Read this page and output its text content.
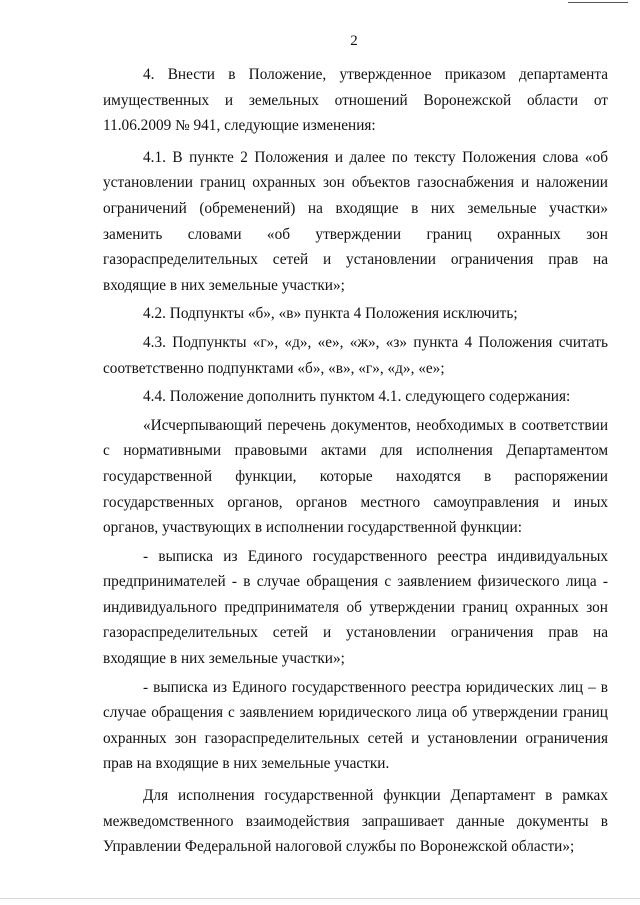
2

4. Внести в Положение, утвержденное приказом департамента имущественных и земельных отношений Воронежской области от 11.06.2009 № 941, следующие изменения:

4.1. В пункте 2 Положения и далее по тексту Положения слова «об установлении границ охранных зон объектов газоснабжения и наложении ограничений (обременений) на входящие в них земельные участки» заменить словами «об утверждении границ охранных зон газораспределительных сетей и установлении ограничения прав на входящие в них земельные участки»;

4.2. Подпункты «б», «в» пункта 4 Положения исключить;

4.3. Подпункты «г», «д», «е», «ж», «з» пункта 4 Положения считать соответственно подпунктами «б», «в», «г», «д», «е»;

4.4. Положение дополнить пунктом 4.1. следующего содержания:

«Исчерпывающий перечень документов, необходимых в соответствии с нормативными правовыми актами для исполнения Департаментом государственной функции, которые находятся в распоряжении государственных органов, органов местного самоуправления и иных органов, участвующих в исполнении государственной функции:

- выписка из Единого государственного реестра индивидуальных предпринимателей - в случае обращения с заявлением физического лица - индивидуального предпринимателя об утверждении границ охранных зон газораспределительных сетей и установлении ограничения прав на входящие в них земельные участки»;

- выписка из Единого государственного реестра юридических лиц – в случае обращения с заявлением юридического лица об утверждении границ охранных зон газораспределительных сетей и установлении ограничения прав на входящие в них земельные участки.

Для исполнения государственной функции Департамент в рамках межведомственного взаимодействия запрашивает данные документы в Управлении Федеральной налоговой службы по Воронежской области»;
